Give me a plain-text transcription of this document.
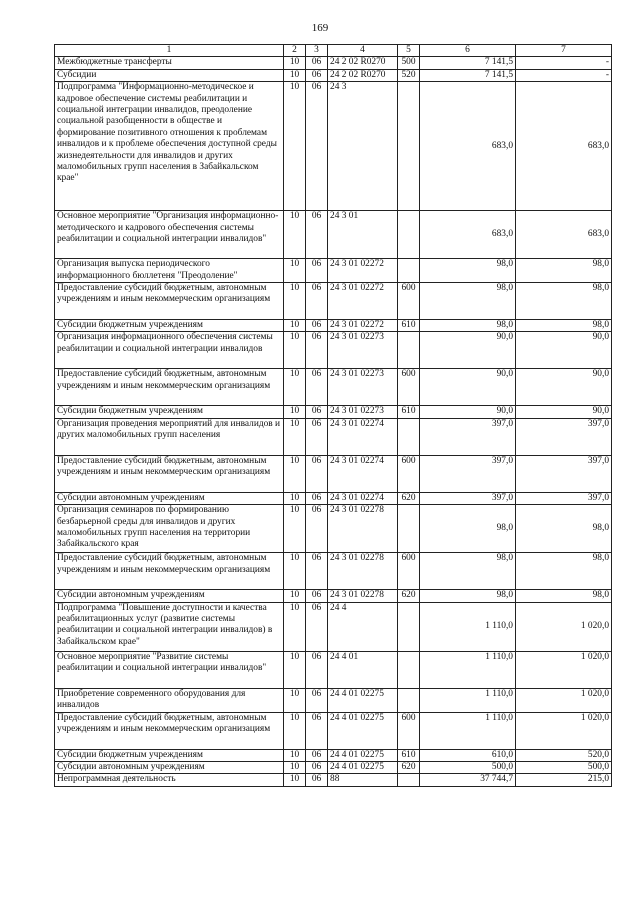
169
1	2	3	4	5	6	7
Межбюджетные трансферты	10	06	24 2 02 R0270	500	7 141,5	-
Субсидии	10	06	24 2 02 R0270	520	7 141,5	-
Подпрограмма "Информационно-методическое и кадровое обеспечение системы реабилитации и социальной интеграции инвалидов, преодоление социальной разобщенности в обществе и формирование позитивного отношения к проблемам инвалидов и к проблеме обеспечения доступной среды жизнедеятельности для инвалидов и других маломобильных групп населения в Забайкальском крае"	10	06	24 3		683,0	683,0
Основное мероприятие "Организация информационно-методического и кадрового обеспечения системы реабилитации и социальной интеграции инвалидов"	10	06	24 3 01		683,0	683,0
Организация выпуска периодического информационного бюллетеня "Преодоление"	10	06	24 3 01 02272		98,0	98,0
Предоставление субсидий бюджетным, автономным учреждениям и иным некоммерческим организациям	10	06	24 3 01 02272	600	98,0	98,0
Субсидии бюджетным учреждениям	10	06	24 3 01 02272	610	98,0	98,0
Организация информационного обеспечения системы реабилитации и социальной интеграции инвалидов	10	06	24 3 01 02273		90,0	90,0
Предоставление субсидий бюджетным, автономным учреждениям и иным некоммерческим организациям	10	06	24 3 01 02273	600	90,0	90,0
Субсидии бюджетным учреждениям	10	06	24 3 01 02273	610	90,0	90,0
Организация проведения мероприятий для инвалидов и других маломобильных групп населения	10	06	24 3 01 02274		397,0	397,0
Предоставление субсидий бюджетным, автономным учреждениям и иным некоммерческим организациям	10	06	24 3 01 02274	600	397,0	397,0
Субсидии автономным учреждениям	10	06	24 3 01 02274	620	397,0	397,0
Организация семинаров по формированию безбарьерной среды для инвалидов и других маломобильных групп населения на территории Забайкальского края	10	06	24 3 01 02278		98,0	98,0
Предоставление субсидий бюджетным, автономным учреждениям и иным некоммерческим организациям	10	06	24 3 01 02278	600	98,0	98,0
Субсидии автономным учреждениям	10	06	24 3 01 02278	620	98,0	98,0
Подпрограмма "Повышение доступности и качества реабилитационных услуг (развитие системы реабилитации и социальной интеграции инвалидов) в Забайкальском крае"	10	06	24 4		1 110,0	1 020,0
Основное мероприятие "Развитие системы реабилитации и социальной интеграции инвалидов"	10	06	24 4 01		1 110,0	1 020,0
Приобретение современного оборудования для инвалидов	10	06	24 4 01 02275		1 110,0	1 020,0
Предоставление субсидий бюджетным, автономным учреждениям и иным некоммерческим организациям	10	06	24 4 01 02275	600	1 110,0	1 020,0
Субсидии бюджетным учреждениям	10	06	24 4 01 02275	610	610,0	520,0
Субсидии автономным учреждениям	10	06	24 4 01 02275	620	500,0	500,0
Непрограммная деятельность	10	06	88		37 744,7	215,0
